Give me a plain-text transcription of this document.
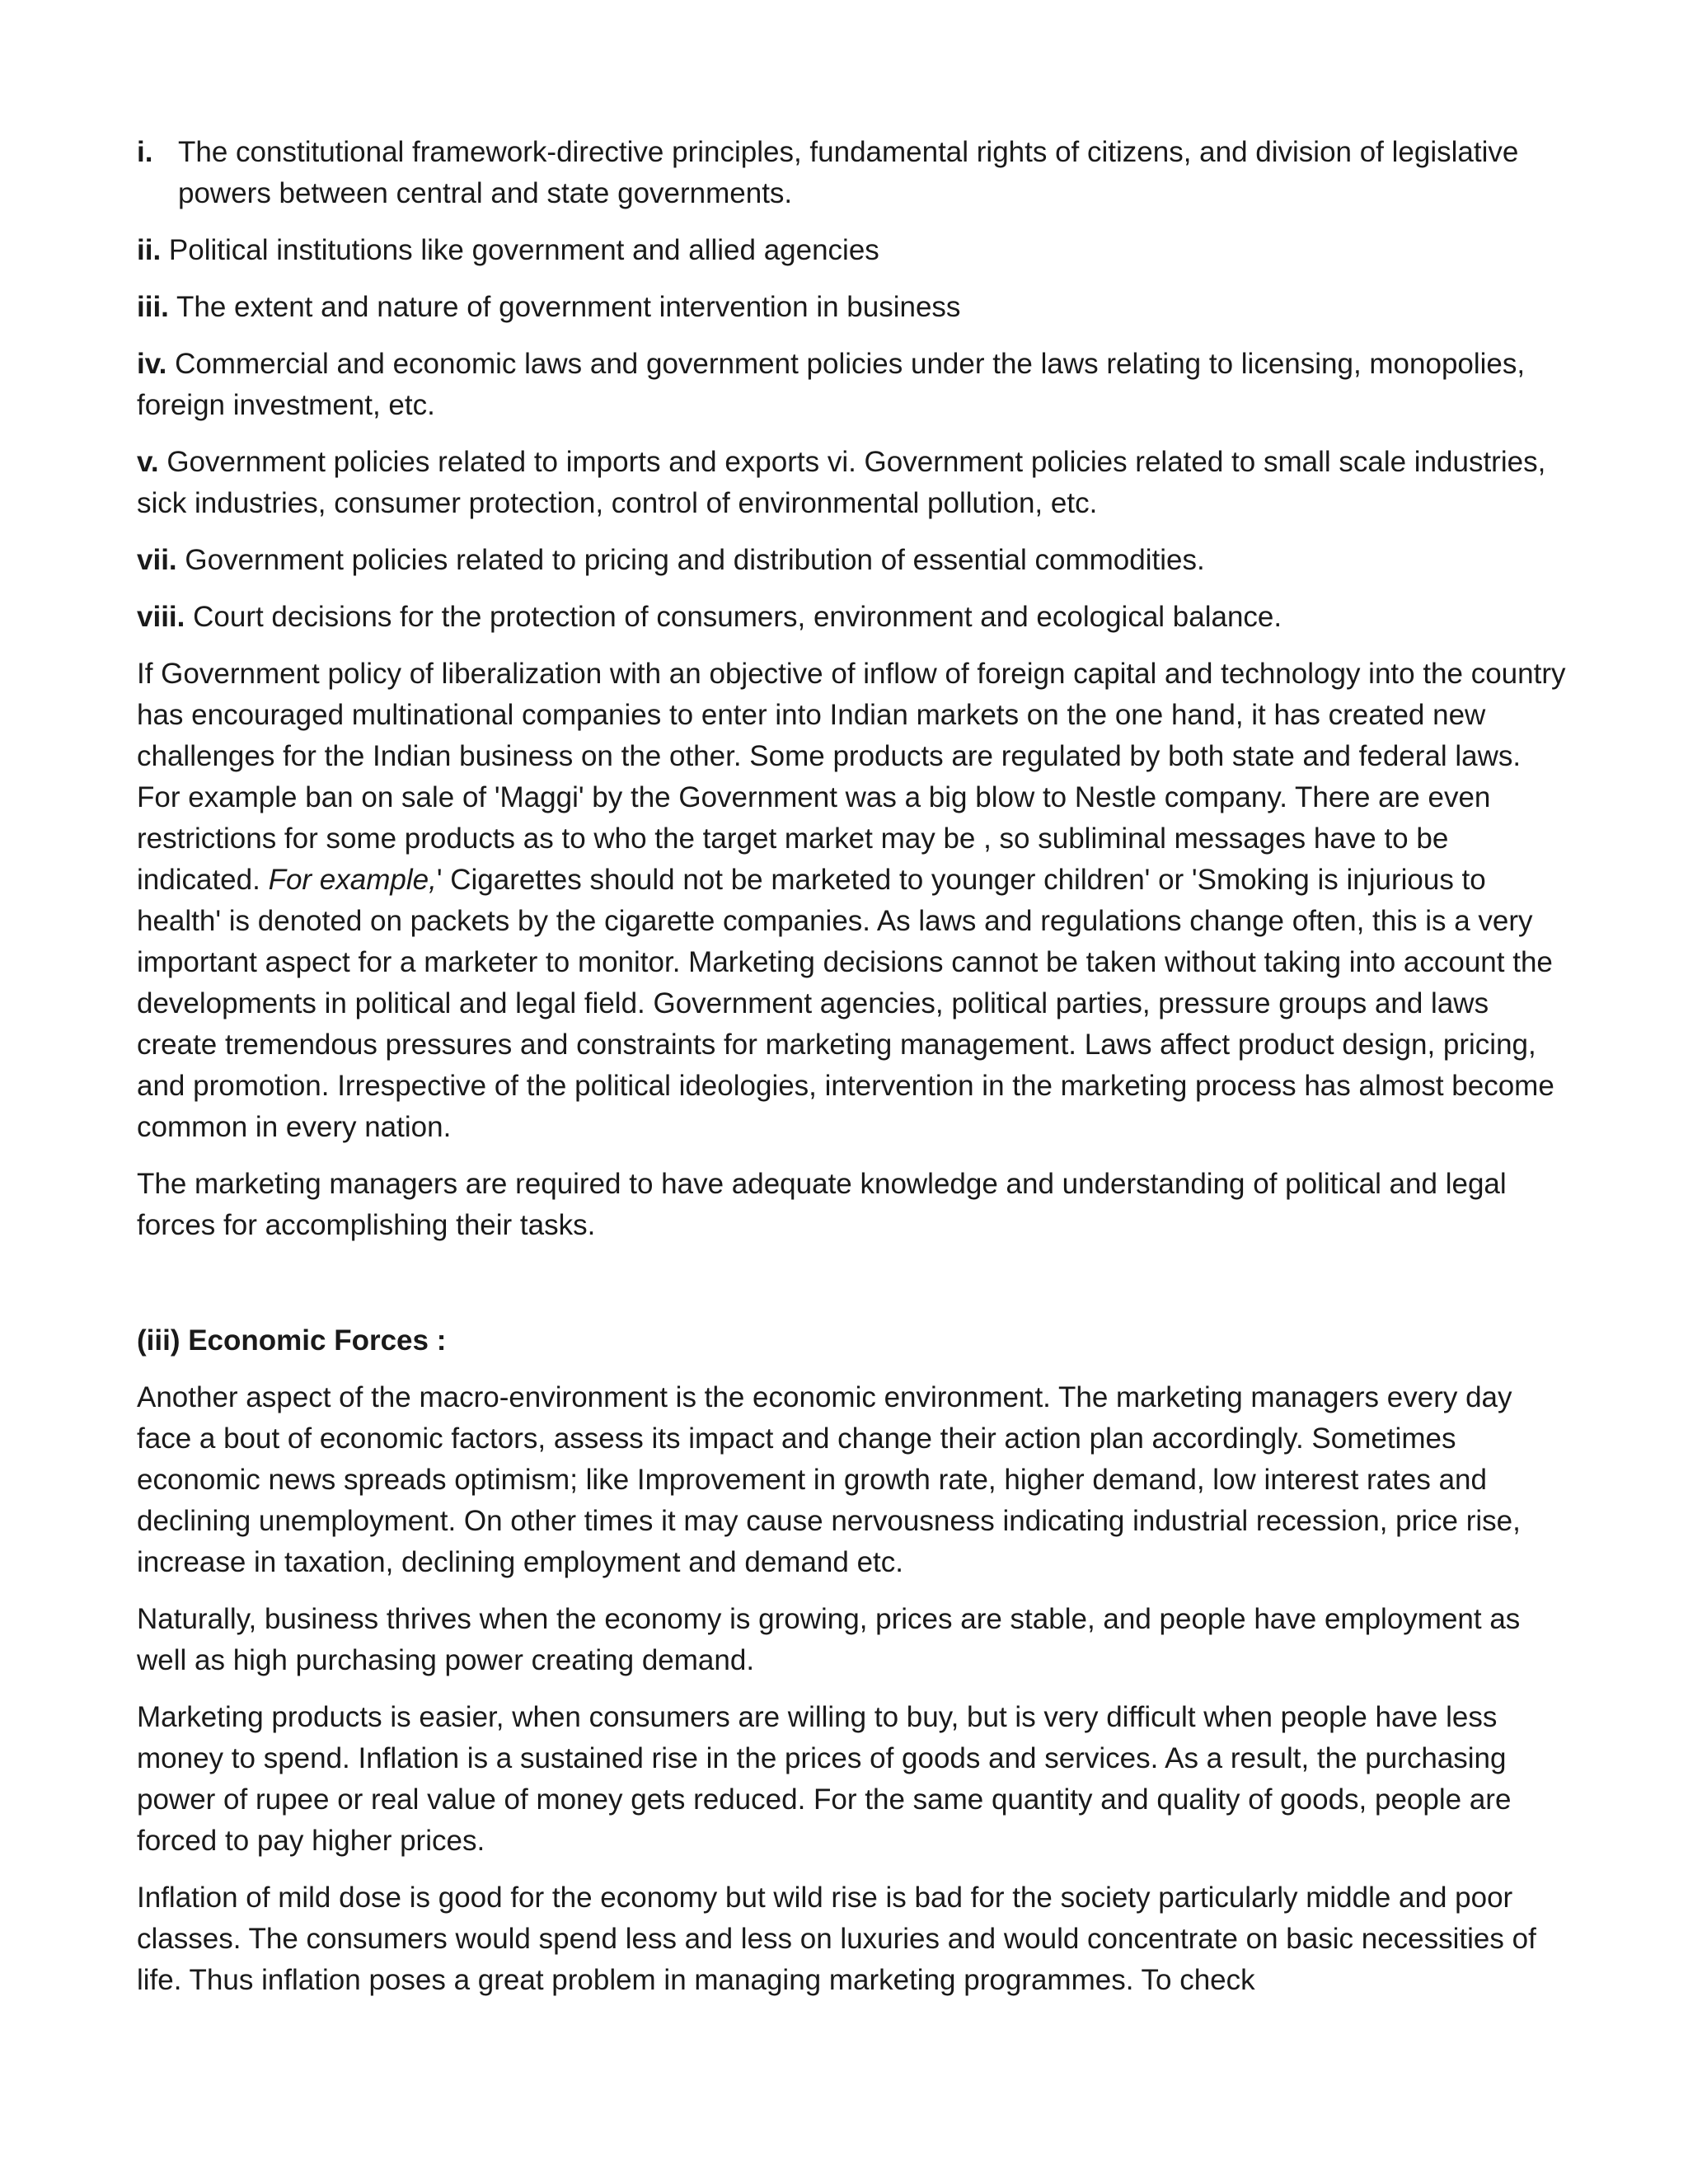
i. The constitutional framework-directive principles, fundamental rights of citizens, and division of legislative powers between central and state governments.
ii. Political institutions like government and allied agencies
iii. The extent and nature of government intervention in business
iv. Commercial and economic laws and government policies under the laws relating to licensing, monopolies, foreign investment, etc.
v. Government policies related to imports and exports vi. Government policies related to small scale industries, sick industries, consumer protection, control of environmental pollution, etc.
vii. Government policies related to pricing and distribution of essential commodities.
viii. Court decisions for the protection of consumers, environment and ecological balance.
If Government policy of liberalization with an objective of inflow of foreign capital and technology into the country has encouraged multinational companies to enter into Indian markets on the one hand, it has created new challenges for the Indian business on the other. Some products are regulated by both state and federal laws. For example ban on sale of 'Maggi' by the Government was a big blow to Nestle company. There are even restrictions for some products as to who the target market may be , so subliminal messages have to be indicated. For example,' Cigarettes should not be marketed to younger children' or 'Smoking is injurious to health' is denoted on packets by the cigarette companies. As laws and regulations change often, this is a very important aspect for a marketer to monitor. Marketing decisions cannot be taken without taking into account the developments in political and legal field. Government agencies, political parties, pressure groups and laws create tremendous pressures and constraints for marketing management. Laws affect product design, pricing, and promotion. Irrespective of the political ideologies, intervention in the marketing process has almost become common in every nation.
The marketing managers are required to have adequate knowledge and understanding of political and legal forces for accomplishing their tasks.
(iii) Economic Forces :
Another aspect of the macro-environment is the economic environment. The marketing managers every day face a bout of economic factors, assess its impact and change their action plan accordingly. Sometimes economic news spreads optimism; like Improvement in growth rate, higher demand, low interest rates and declining unemployment. On other times it may cause nervousness indicating industrial recession, price rise, increase in taxation, declining employment and demand etc.
Naturally, business thrives when the economy is growing, prices are stable, and people have employment as well as high purchasing power creating demand.
Marketing products is easier, when consumers are willing to buy, but is very difficult when people have less money to spend. Inflation is a sustained rise in the prices of goods and services. As a result, the purchasing power of rupee or real value of money gets reduced. For the same quantity and quality of goods, people are forced to pay higher prices.
Inflation of mild dose is good for the economy but wild rise is bad for the society particularly middle and poor classes. The consumers would spend less and less on luxuries and would concentrate on basic necessities of life. Thus inflation poses a great problem in managing marketing programmes. To check
